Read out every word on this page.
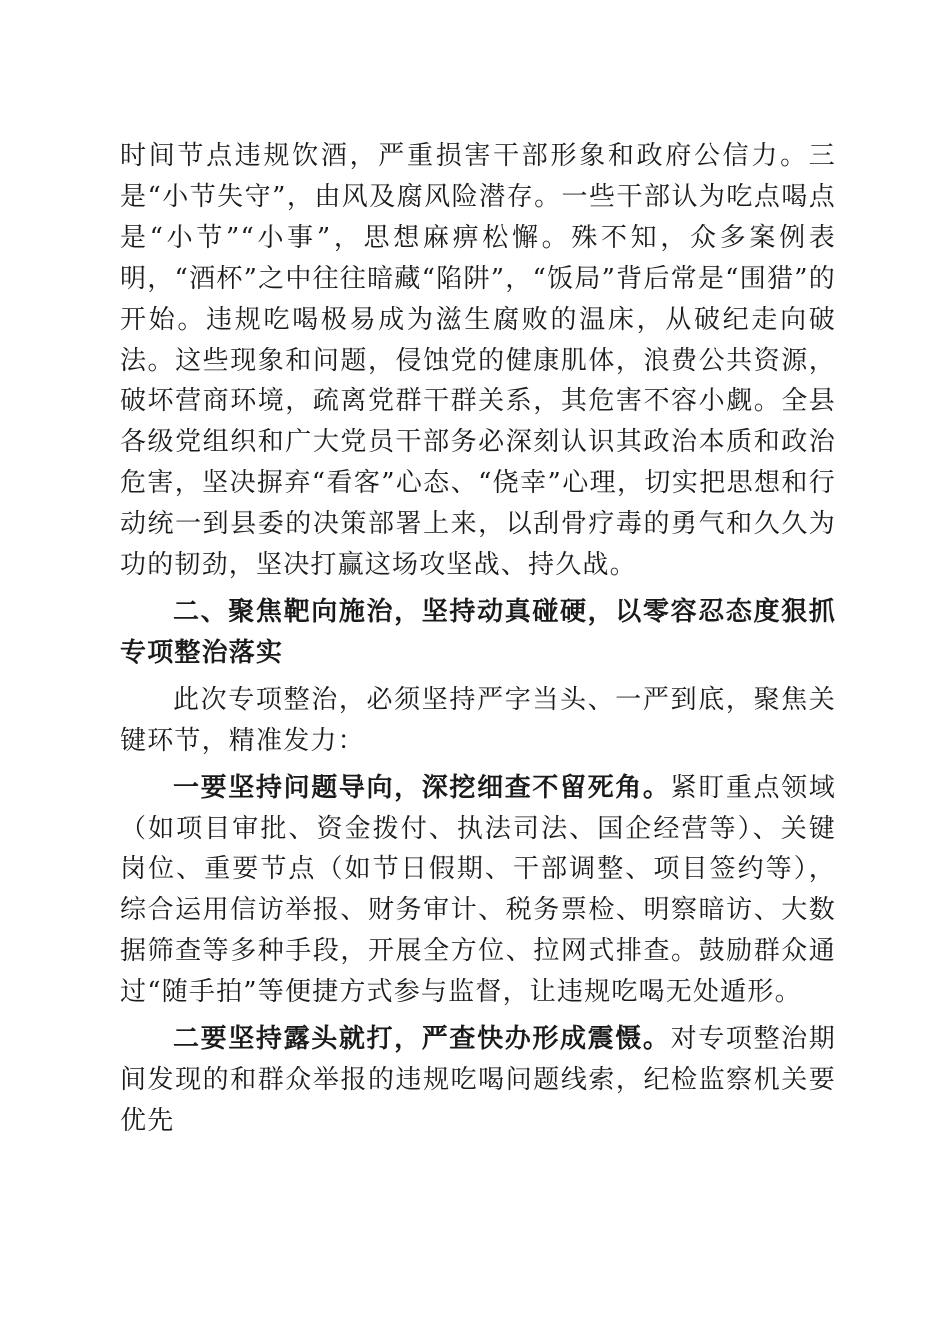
时间节点违规饮酒，严重损害干部形象和政府公信力。三是“小节失守”，由风及腐风险潜存。一些干部认为吃点喝点是“小节”“小事”，思想麻痹松懈。殊不知，众多案例表明，“酒杯”之中往往暗藏“陷阱”，“饭局”背后常是“围猎”的开始。违规吃喝极易成为滋生腐败的温床，从破纪走向破法。这些现象和问题，侵蚀党的健康肌体，浪费公共资源，破坏营商环境，疏离党群干群关系，其危害不容小觑。全县各级党组织和广大党员干部务必深刻认识其政治本质和政治危害，坚决摒弃“看客”心态、“侥幸”心理，切实把思想和行动统一到县委的决策部署上来，以刮骨疗毒的勇气和久久为功的韧劲，坚决打赢这场攻坚战、持久战。

二、聚焦靶向施治，坚持动真碰硬，以零容忍态度狠抓专项整治落实

此次专项整治，必须坚持严字当头、一严到底，聚焦关键环节，精准发力：

一要坚持问题导向，深挖细查不留死角。紧盯重点领域（如项目审批、资金拨付、执法司法、国企经营等）、关键岗位、重要节点（如节日假期、干部调整、项目签约等），综合运用信访举报、财务审计、税务票检、明察暗访、大数据筛查等多种手段，开展全方位、拉网式排查。鼓励群众通过“随手拍”等便捷方式参与监督，让违规吃喝无处遁形。

二要坚持露头就打，严查快办形成震慑。对专项整治期间发现的和群众举报的违规吃喝问题线索，纪检监察机关要优先
